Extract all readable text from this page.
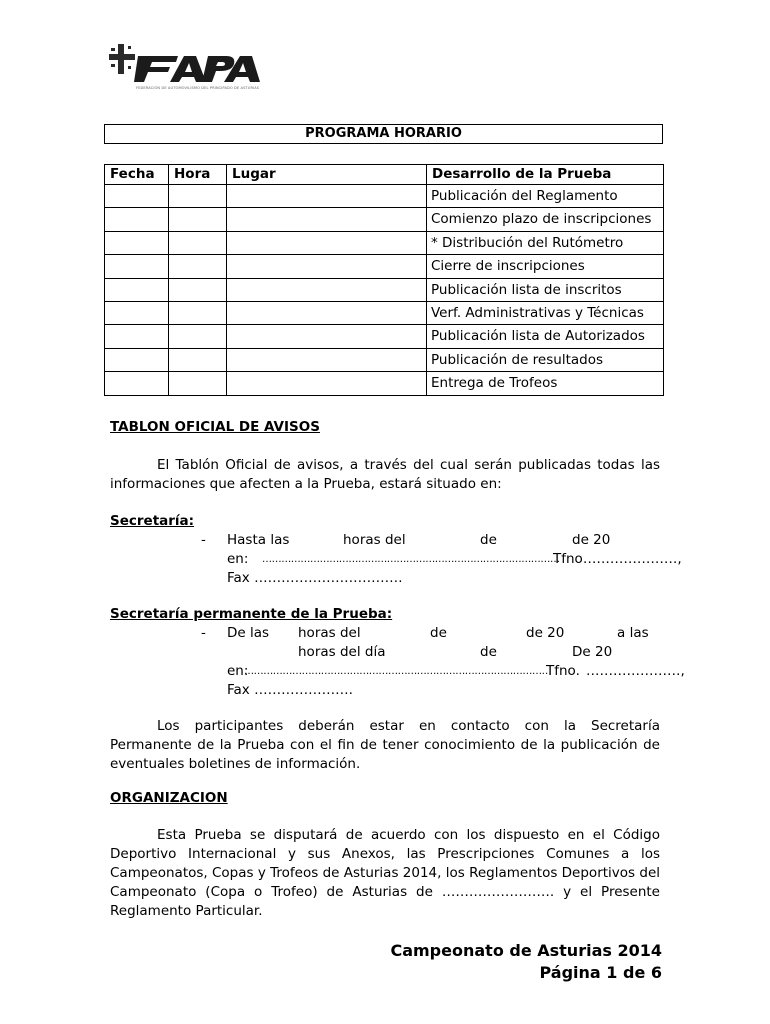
FEDERACIÓN DE AUTOMOVILISMO DEL PRINCIPADO DE ASTURIAS
PROGRAMA HORARIO
Fecha	Hora	Lugar	Desarrollo de la Prueba
			Publicación del Reglamento
			Comienzo plazo de inscripciones
			* Distribución del Rutómetro
			Cierre de inscripciones
			Publicación lista de inscritos
			Verf. Administrativas y Técnicas
			Publicación lista de Autorizados
			Publicación de resultados
			Entrega de Trofeos
TABLON OFICIAL DE AVISOS
El Tablón Oficial de avisos, a través del cual serán publicadas todas las informaciones que afecten a la Prueba, estará situado en:
Secretaría:
- Hasta las	horas del	de	de 20
en: …………………………………………………………………………………
Tfno…………………,
Fax ……………………………
Secretaría permanente de la Prueba:
- De las horas del	de	de 20	a las
horas del día	de	De 20
en:
……………………………………………………………………………………
Tfno. …………………,
Fax ………………….
Los participantes deberán estar en contacto con la Secretaría Permanente de la Prueba con el fin de tener conocimiento de la publicación de eventuales boletines de información.
ORGANIZACION
Esta Prueba se disputará de acuerdo con los dispuesto en el Código Deportivo Internacional y sus Anexos, las Prescripciones Comunes a los Campeonatos, Copas y Trofeos de Asturias 2014, los Reglamentos Deportivos del Campeonato (Copa o Trofeo) de Asturias de ……………………. y el Presente Reglamento Particular.
Campeonato de Asturias 2014
Página 1 de 6
